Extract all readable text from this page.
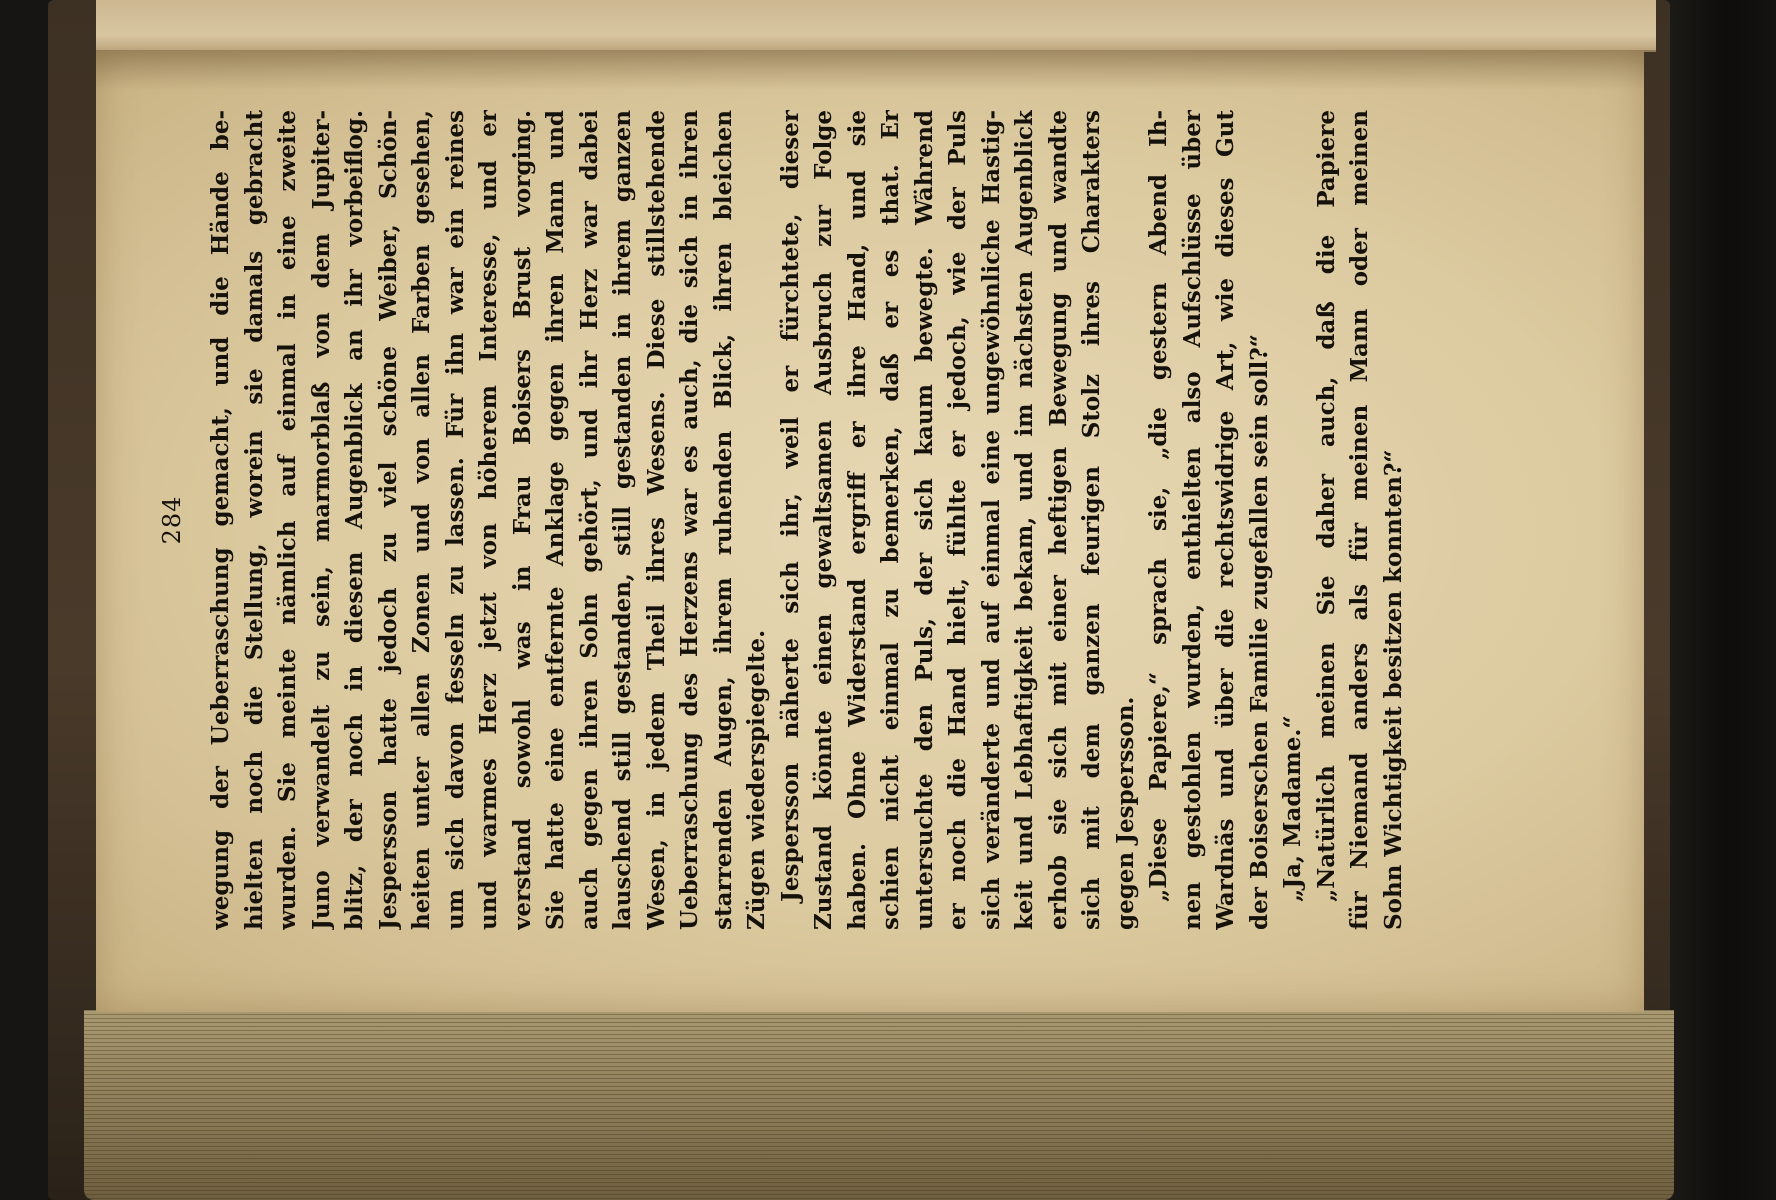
284 wegung der Ueberraschung gemacht, und die Hände be- hielten noch die Stellung, worein sie damals gebracht wurden. Sie meinte nämlich auf einmal in eine zweite Juno verwandelt zu sein, marmorblaß von dem Jupiter- blitz, der noch in diesem Augenblick an ihr vorbeiflog. Jespersson hatte jedoch zu viel schöne Weiber, Schön- heiten unter allen Zonen und von allen Farben gesehen, um sich davon fesseln zu lassen. Für ihn war ein reines und warmes Herz jetzt von höherem Interesse, und er verstand sowohl was in Frau Boisers Brust vorging. Sie hatte eine entfernte Anklage gegen ihren Mann und auch gegen ihren Sohn gehört, und ihr Herz war dabei lauschend still gestanden, still gestanden in ihrem ganzen Wesen, in jedem Theil ihres Wesens. Diese stillstehende Ueberraschung des Herzens war es auch, die sich in ihren starrenden Augen, ihrem ruhenden Blick, ihren bleichen Zügen wiederspiegelte. Jespersson näherte sich ihr, weil er fürchtete, dieser Zustand könnte einen gewaltsamen Ausbruch zur Folge haben. Ohne Widerstand ergriff er ihre Hand, und sie schien nicht einmal zu bemerken, daß er es that. Er untersuchte den Puls, der sich kaum bewegte. Während er noch die Hand hielt, fühlte er jedoch, wie der Puls sich veränderte und auf einmal eine ungewöhnliche Hastig- keit und Lebhaftigkeit bekam, und im nächsten Augenblick erhob sie sich mit einer heftigen Bewegung und wandte sich mit dem ganzen feurigen Stolz ihres Charakters gegen Jespersson. „Diese Papiere,“ sprach sie, „die gestern Abend Ih- nen gestohlen wurden, enthielten also Aufschlüsse über Wardnäs und über die rechtswidrige Art, wie dieses Gut der Boiserschen Familie zugefallen sein soll?“ „Ja, Madame.“ „Natürlich meinen Sie daher auch, daß die Papiere für Niemand anders als für meinen Mann oder meinen Sohn Wichtigkeit besitzen konnten?“
